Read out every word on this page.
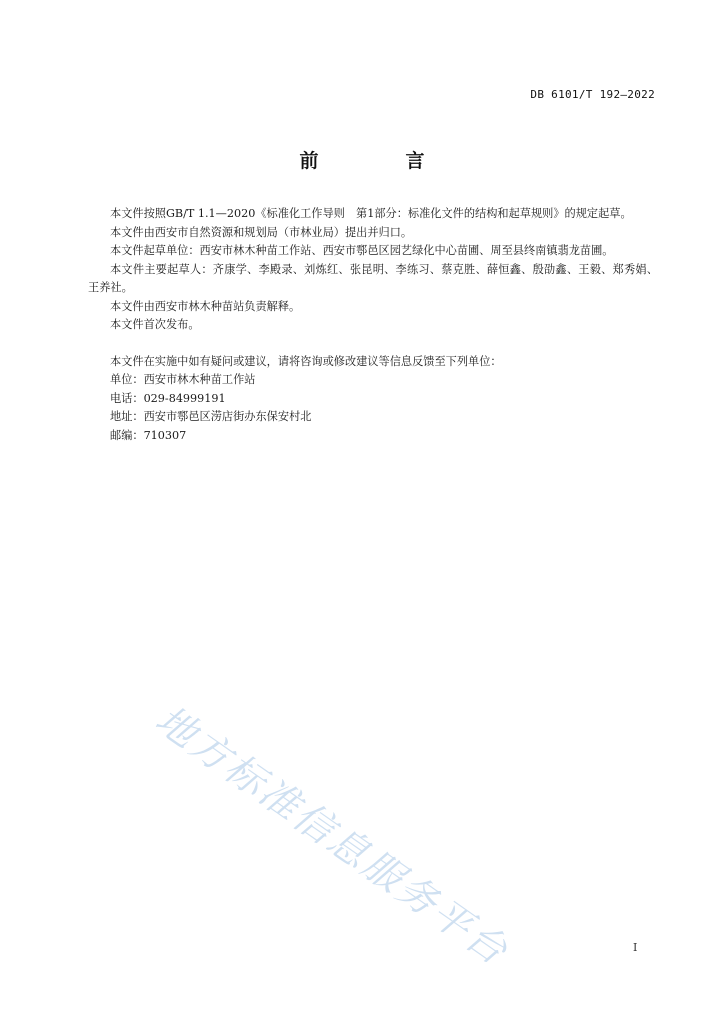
DB 6101/T 192—2022
前　言

本文件按照GB/T 1.1—2020《标准化工作导则　第1部分：标准化文件的结构和起草规则》的规定起草。

本文件由西安市自然资源和规划局（市林业局）提出并归口。

本文件起草单位：西安市林木种苗工作站、西安市鄠邑区园艺绿化中心苗圃、周至县终南镇翡龙苗圃。

本文件主要起草人：齐康学、李殿录、刘炼红、张昆明、李练习、蔡克胜、薛恒鑫、殷劭鑫、王毅、郑秀娟、王养社。

本文件由西安市林木种苗站负责解释。

本文件首次发布。

本文件在实施中如有疑问或建议，请将咨询或修改建议等信息反馈至下列单位：

单位：西安市林木种苗工作站

电话：029-84999191

地址：西安市鄠邑区涝店街办东保安村北

邮编：710307

地方标准信息服务平台	I
